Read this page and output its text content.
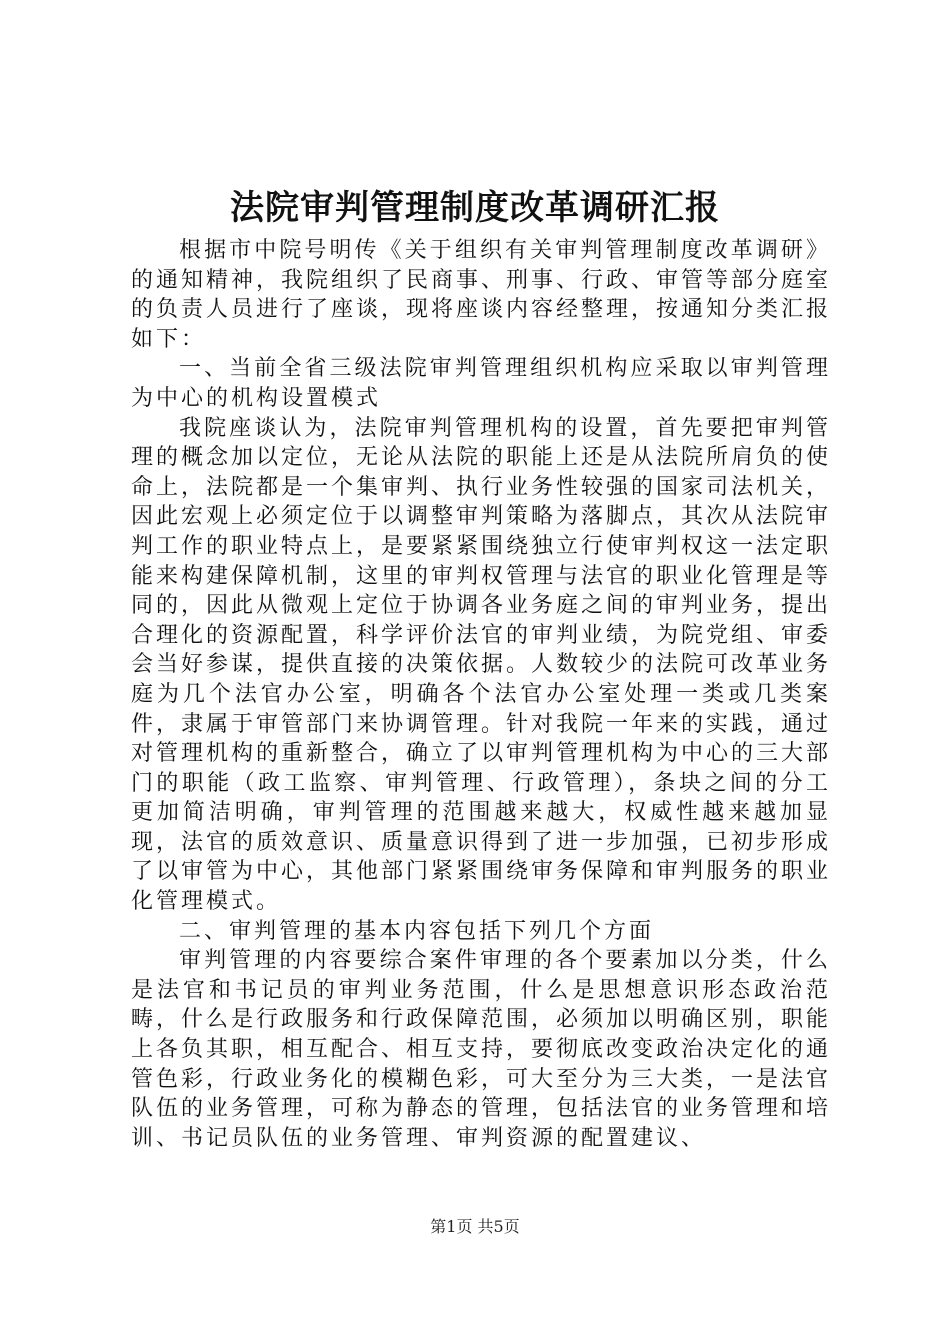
法院审判管理制度改革调研汇报

根据市中院号明传《关于组织有关审判管理制度改革调研》的通知精神，我院组织了民商事、刑事、行政、审管等部分庭室的负责人员进行了座谈，现将座谈内容经整理，按通知分类汇报如下：

一、当前全省三级法院审判管理组织机构应采取以审判管理为中心的机构设置模式

我院座谈认为，法院审判管理机构的设置，首先要把审判管理的概念加以定位，无论从法院的职能上还是从法院所肩负的使命上，法院都是一个集审判、执行业务性较强的国家司法机关，因此宏观上必须定位于以调整审判策略为落脚点，其次从法院审判工作的职业特点上，是要紧紧围绕独立行使审判权这一法定职能来构建保障机制，这里的审判权管理与法官的职业化管理是等同的，因此从微观上定位于协调各业务庭之间的审判业务，提出合理化的资源配置，科学评价法官的审判业绩，为院党组、审委会当好参谋，提供直接的决策依据。人数较少的法院可改革业务庭为几个法官办公室，明确各个法官办公室处理一类或几类案件，隶属于审管部门来协调管理。针对我院一年来的实践，通过对管理机构的重新整合，确立了以审判管理机构为中心的三大部门的职能（政工监察、审判管理、行政管理），条块之间的分工更加简洁明确，审判管理的范围越来越大，权威性越来越加显现，法官的质效意识、质量意识得到了进一步加强，已初步形成了以审管为中心，其他部门紧紧围绕审务保障和审判服务的职业化管理模式。

二、审判管理的基本内容包括下列几个方面

审判管理的内容要综合案件审理的各个要素加以分类，什么是法官和书记员的审判业务范围，什么是思想意识形态政治范畴，什么是行政服务和行政保障范围，必须加以明确区别，职能上各负其职，相互配合、相互支持，要彻底改变政治决定化的通管色彩，行政业务化的模糊色彩，可大至分为三大类，一是法官队伍的业务管理，可称为静态的管理，包括法官的业务管理和培训、书记员队伍的业务管理、审判资源的配置建议、

第1页 共5页
